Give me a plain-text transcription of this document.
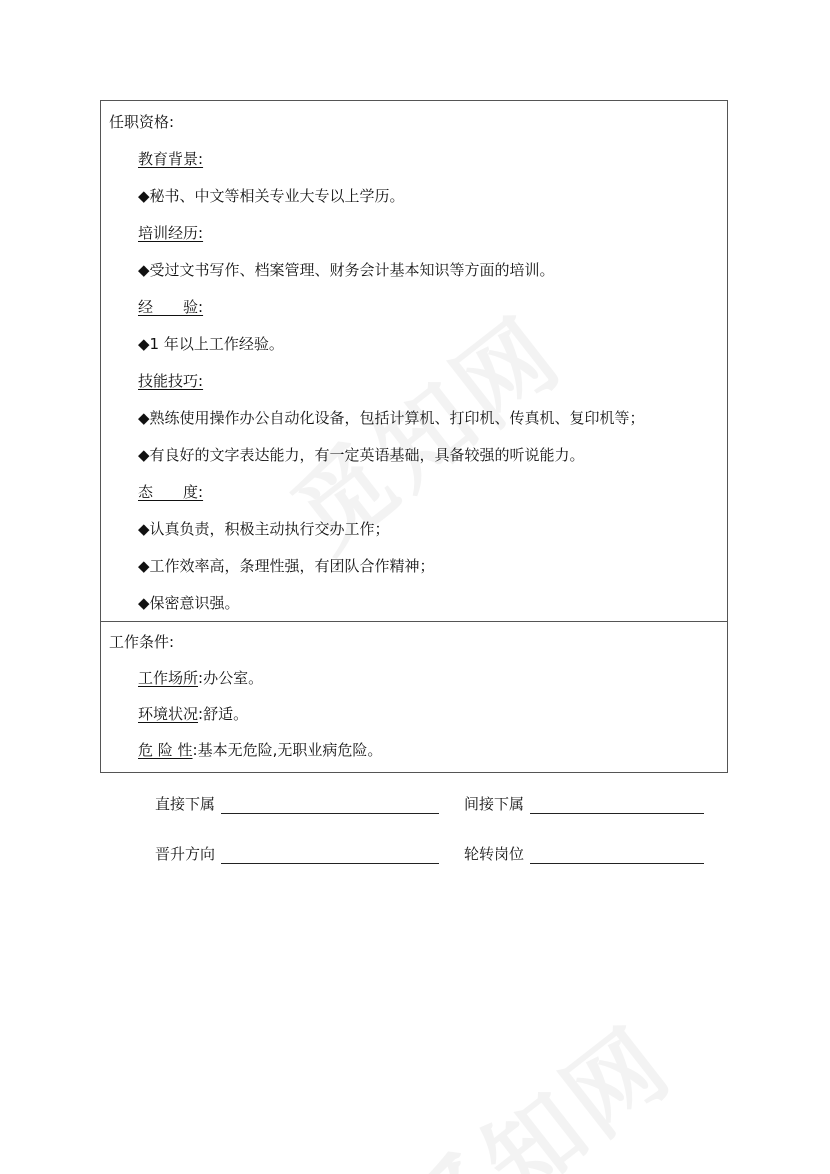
任职资格:
教育背景:
◆秘书、中文等相关专业大专以上学历。
培训经历:
◆受过文书写作、档案管理、财务会计基本知识等方面的培训。
经　　验:
◆1 年以上工作经验。
技能技巧:
◆熟练使用操作办公自动化设备，包括计算机、打印机、传真机、复印机等；
◆有良好的文字表达能力，有一定英语基础，具备较强的听说能力。
态　　度:
◆认真负责，积极主动执行交办工作；
◆工作效率高，条理性强，有团队合作精神；
◆保密意识强。
工作条件:
工作场所:办公室。
环境状况:舒适。
危 险 性:基本无危险,无职业病危险。
直接下属	间接下属
晋升方向	轮转岗位
